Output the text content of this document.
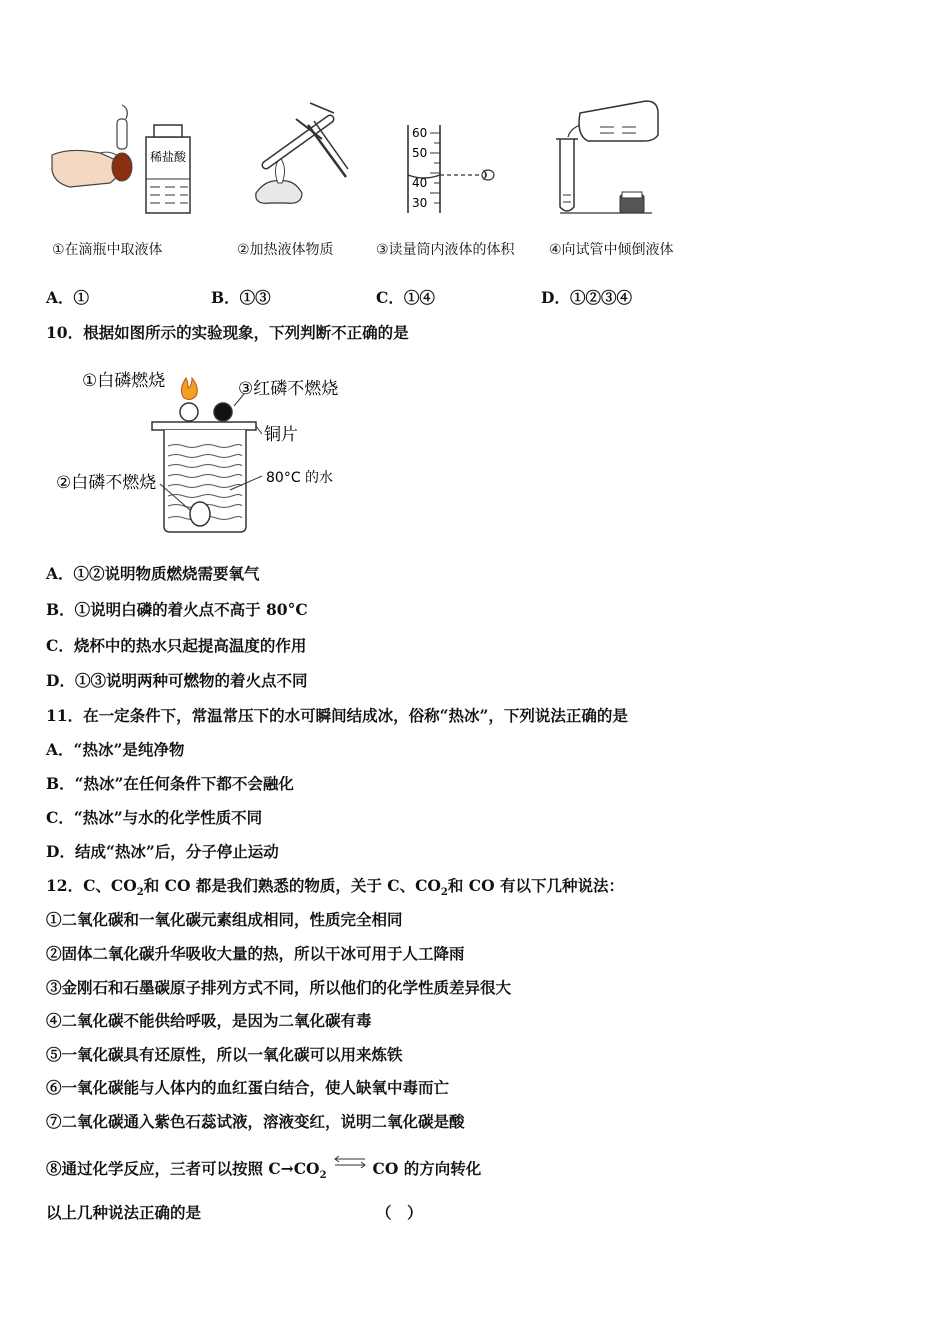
稀盐酸
60
50
40
30
①在滴瓶中取液体	②加热液体物质	③读量筒内液体的体积 ④向试管中倾倒液体
A．①	B．①③	C．①④	D．①②③④
10．根据如图所示的实验现象，下列判断不正确的是
①白磷燃烧	③红磷不燃烧
铜片
②白磷不燃烧	80°C 的水
A．①②说明物质燃烧需要氧气
B．①说明白磷的着火点不高于 80°C
C．烧杯中的热水只起提高温度的作用
D．①③说明两种可燃物的着火点不同
11．在一定条件下，常温常压下的水可瞬间结成冰，俗称“热冰”，下列说法正确的是
A．“热冰”是纯净物
B．“热冰”在任何条件下都不会融化
C．“热冰”与水的化学性质不同
D．结成“热冰”后，分子停止运动
12．C、$CO_2$和 CO 都是我们熟悉的物质，关于 C、$CO_2$和 CO 有以下几种说法：
①二氧化碳和一氧化碳元素组成相同，性质完全相同
②固体二氧化碳升华吸收大量的热，所以干冰可用于人工降雨
③金刚石和石墨碳原子排列方式不同，所以他们的化学性质差异很大
④二氧化碳不能供给呼吸，是因为二氧化碳有毒
⑤一氧化碳具有还原性，所以一氧化碳可以用来炼铁
⑥一氧化碳能与人体内的血红蛋白结合，使人缺氧中毒而亡
⑦二氧化碳通入紫色石蕊试液，溶液变红，说明二氧化碳是酸
⑧通过化学反应，三者可以按照 $C\to CO_2$ ⇌ CO 的方向转化
以上几种说法正确的是	（　）
